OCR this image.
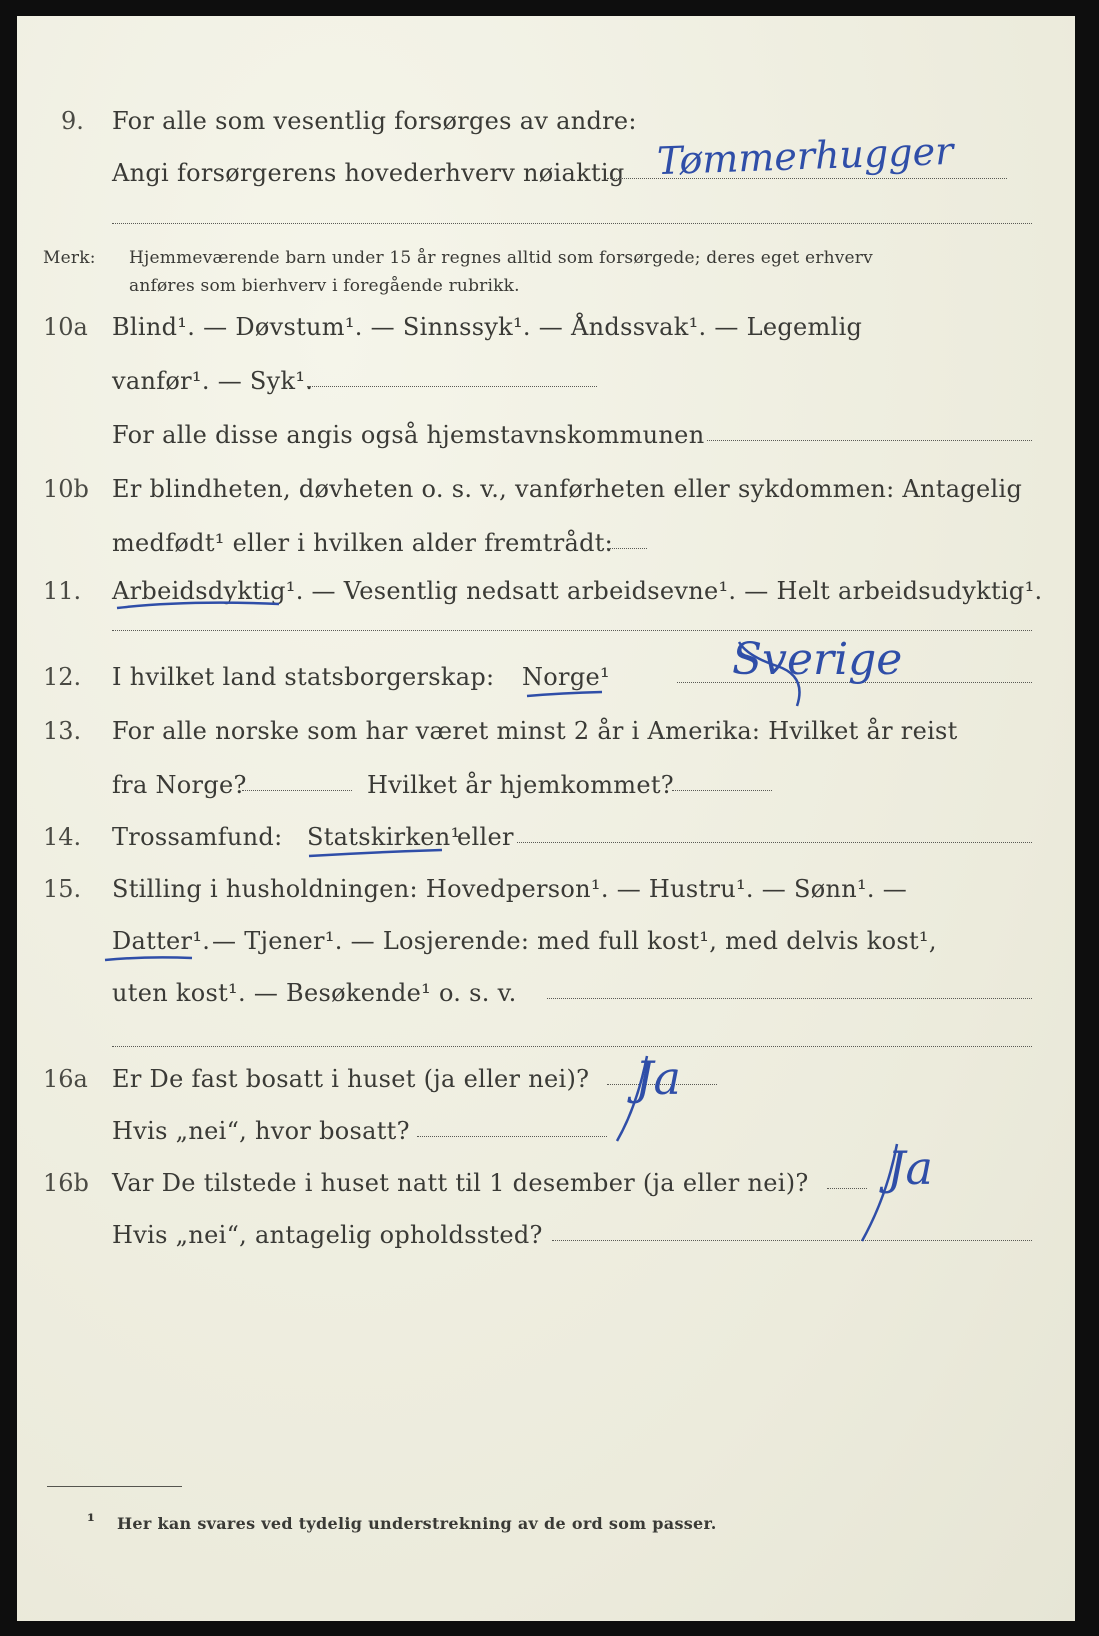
9. For alle som vesentlig forsørges av andre:
Angi forsørgerens hovederhverv nøiaktig Tømmerhugger
Merk: Hjemmeværende barn under 15 år regnes alltid som forsørgede; deres eget erhverv
anføres som bierhverv i foregående rubrikk.
10a Blind¹. — Døvstum¹. — Sinnssyk¹. — Åndssvak¹. — Legemlig
vanfør¹. — Syk¹.
For alle disse angis også hjemstavnskommunen
10b Er blindheten, døvheten o. s. v., vanførheten eller sykdommen: Antagelig
medfødt¹ eller i hvilken alder fremtrådt:
11. Arbeidsdyktig¹. — Vesentlig nedsatt arbeidsevne¹. — Helt arbeidsudyktig¹.
12. I hvilket land statsborgerskap: Norge¹	Sverige
13. For alle norske som har været minst 2 år i Amerika: Hvilket år reist
fra Norge?	Hvilket år hjemkommet?
14. Trossamfund: Statskirken¹
eller
15. Stilling i husholdningen: Hovedperson¹. — Hustru¹. — Sønn¹. —
Datter¹. — Tjener¹. — Losjerende: med full kost¹, med delvis kost¹,
uten kost¹. — Besøkende¹ o. s. v.
16a Er De fast bosatt i huset (ja eller nei)? Ja
Hvis „nei“, hvor bosatt?
16b Var De tilstede i huset natt til 1 desember (ja eller nei)? Ja
Hvis „nei“, antagelig opholdssted?
¹ Her kan svares ved tydelig understrekning av de ord som passer.
